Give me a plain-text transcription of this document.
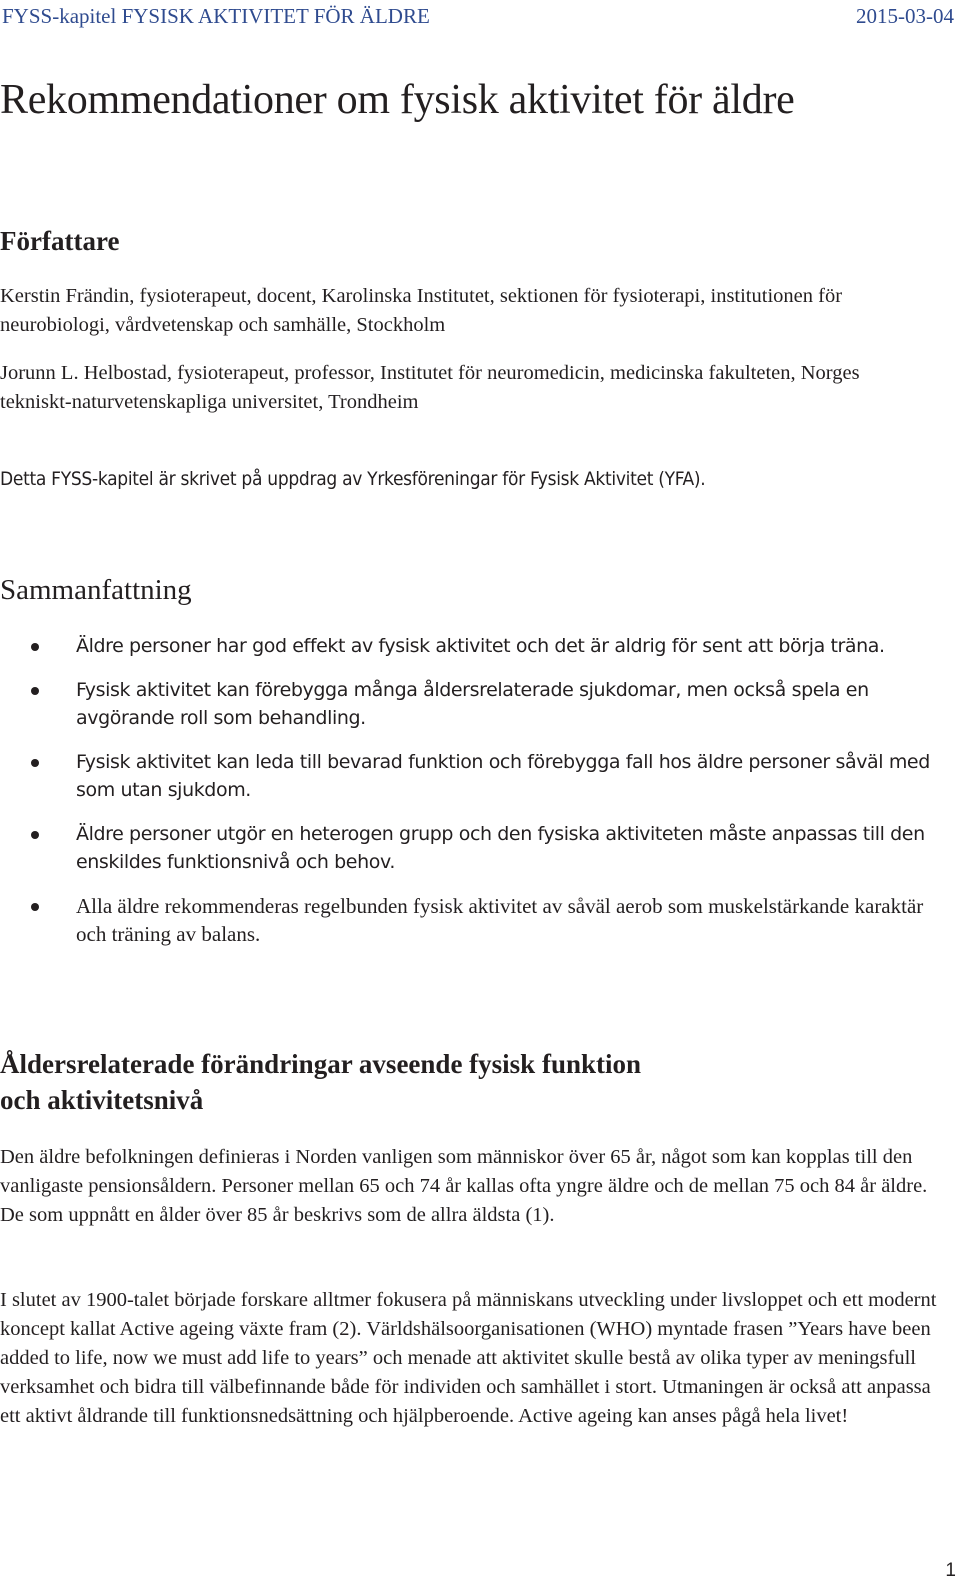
FYSS-kapitel FYSISK AKTIVITET FÖR ÄLDRE	2015-03-04
Rekommendationer om fysisk aktivitet för äldre
Författare

Kerstin Frändin, fysioterapeut, docent, Karolinska Institutet, sektionen för fysioterapi, institutionen för neurobiologi, vårdvetenskap och samhälle, Stockholm

Jorunn L. Helbostad, fysioterapeut, professor, Institutet för neuromedicin, medicinska fakulteten, Norges tekniskt-naturvetenskapliga universitet, Trondheim

Detta FYSS-kapitel är skrivet på uppdrag av Yrkesföreningar för Fysisk Aktivitet (YFA).

Sammanfattning
Äldre personer har god effekt av fysisk aktivitet och det är aldrig för sent att börja träna.
Fysisk aktivitet kan förebygga många åldersrelaterade sjukdomar, men också spela en avgörande roll som behandling.
Fysisk aktivitet kan leda till bevarad funktion och förebygga fall hos äldre personer såväl med som utan sjukdom.
Äldre personer utgör en heterogen grupp och den fysiska aktiviteten måste anpassas till den enskildes funktionsnivå och behov.
Alla äldre rekommenderas regelbunden fysisk aktivitet av såväl aerob som muskelstärkande karaktär och träning av balans.
Åldersrelaterade förändringar avseende fysisk funktion
och aktivitetsnivå

Den äldre befolkningen definieras i Norden vanligen som människor över 65 år, något som kan kopplas till den vanligaste pensionsåldern. Personer mellan 65 och 74 år kallas ofta yngre äldre och de mellan 75 och 84 år äldre. De som uppnått en ålder över 85 år beskrivs som de allra äldsta (1).

I slutet av 1900-talet började forskare alltmer fokusera på människans utveckling under livsloppet och ett modernt koncept kallat Active ageing växte fram (2). Världshälsoorganisationen (WHO) myntade frasen ”Years have been added to life, now we must add life to years” och menade att aktivitet skulle bestå av olika typer av meningsfull verksamhet och bidra till välbefinnande både för individen och samhället i stort. Utmaningen är också att anpassa ett aktivt åldrande till funktionsnedsättning och hjälpberoende. Active ageing kan anses pågå hela livet!

1
